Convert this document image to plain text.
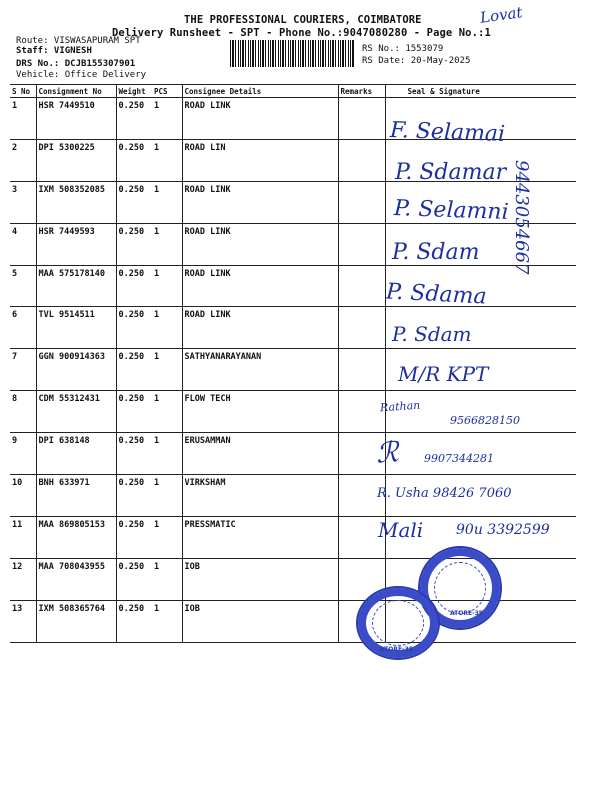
THE PROFESSIONAL COURIERS, COIMBATORE
Delivery Runsheet - SPT - Phone No.:9047080280 - Page No.:1
Route: VISWASAPURAM SPT
Staff: VIGNESH
DRS No.: DCJB155307901
Vehicle: Office Delivery
RS No.: 1553079
RS Date: 20-May-2025
S No	Consignment No	Weight	PCS	Consignee Details	Remarks	Seal & Signature
1	HSR 7449510	0.250	1	ROAD LINK		
2	DPI 5300225	0.250	1	ROAD LIN		
3	IXM 508352085	0.250	1	ROAD LINK		
4	HSR 7449593	0.250	1	ROAD LINK		
5	MAA 575178140	0.250	1	ROAD LINK		
6	TVL 9514511	0.250	1	ROAD LINK		
7	GGN 900914363	0.250	1	SATHYANARAYANAN		
8	CDM 55312431	0.250	1	FLOW TECH		
9	DPI 638148	0.250	1	ERUSAMMAN		
10	BNH 633971	0.250	1	VIRKSHAM		
11	MAA 869805153	0.250	1	PRESSMATIC		
12	MAA 708043955	0.250	1	IOB		
13	IXM 508365764	0.250	1	IOB		
Lovat
F. Selamai
P. Sdamar
P. Selamni
P. Sdam
P. Sdama
P. Sdam
M/R KPT
Rathan
9566828150
ℛ 9907344281
R. Usha 98426 7060
Mali 90u 3392599
9443054667
ATORE-35
ATORE-35
